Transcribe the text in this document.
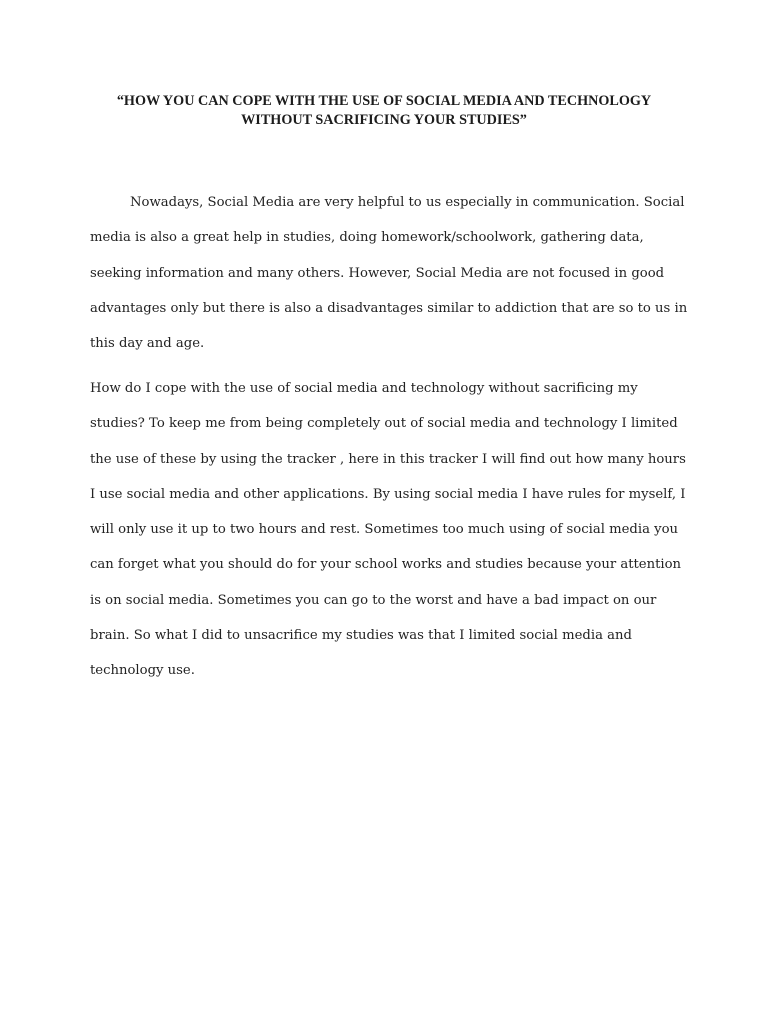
“HOW YOU CAN COPE WITH THE USE OF SOCIAL MEDIA AND TECHNOLOGY
WITHOUT SACRIFICING YOUR STUDIES”
Nowadays, Social Media are very helpful to us especially in communication. Social
media is also a great help in studies, doing homework/schoolwork, gathering data,
seeking information and many others. However, Social Media are not focused in good
advantages only but there is also a disadvantages similar to addiction that are so to us in
this day and age.
How do I cope with the use of social media and technology without sacrificing my
studies? To keep me from being completely out of social media and technology I limited
the use of these by using the tracker , here in this tracker I will find out how many hours
I use social media and other applications. By using social media I have rules for myself, I
will only use it up to two hours and rest. Sometimes too much using of social media you
can forget what you should do for your school works and studies because your attention
is on social media. Sometimes you can go to the worst and have a bad impact on our
brain. So what I did to unsacrifice my studies was that I limited social media and
technology use.
